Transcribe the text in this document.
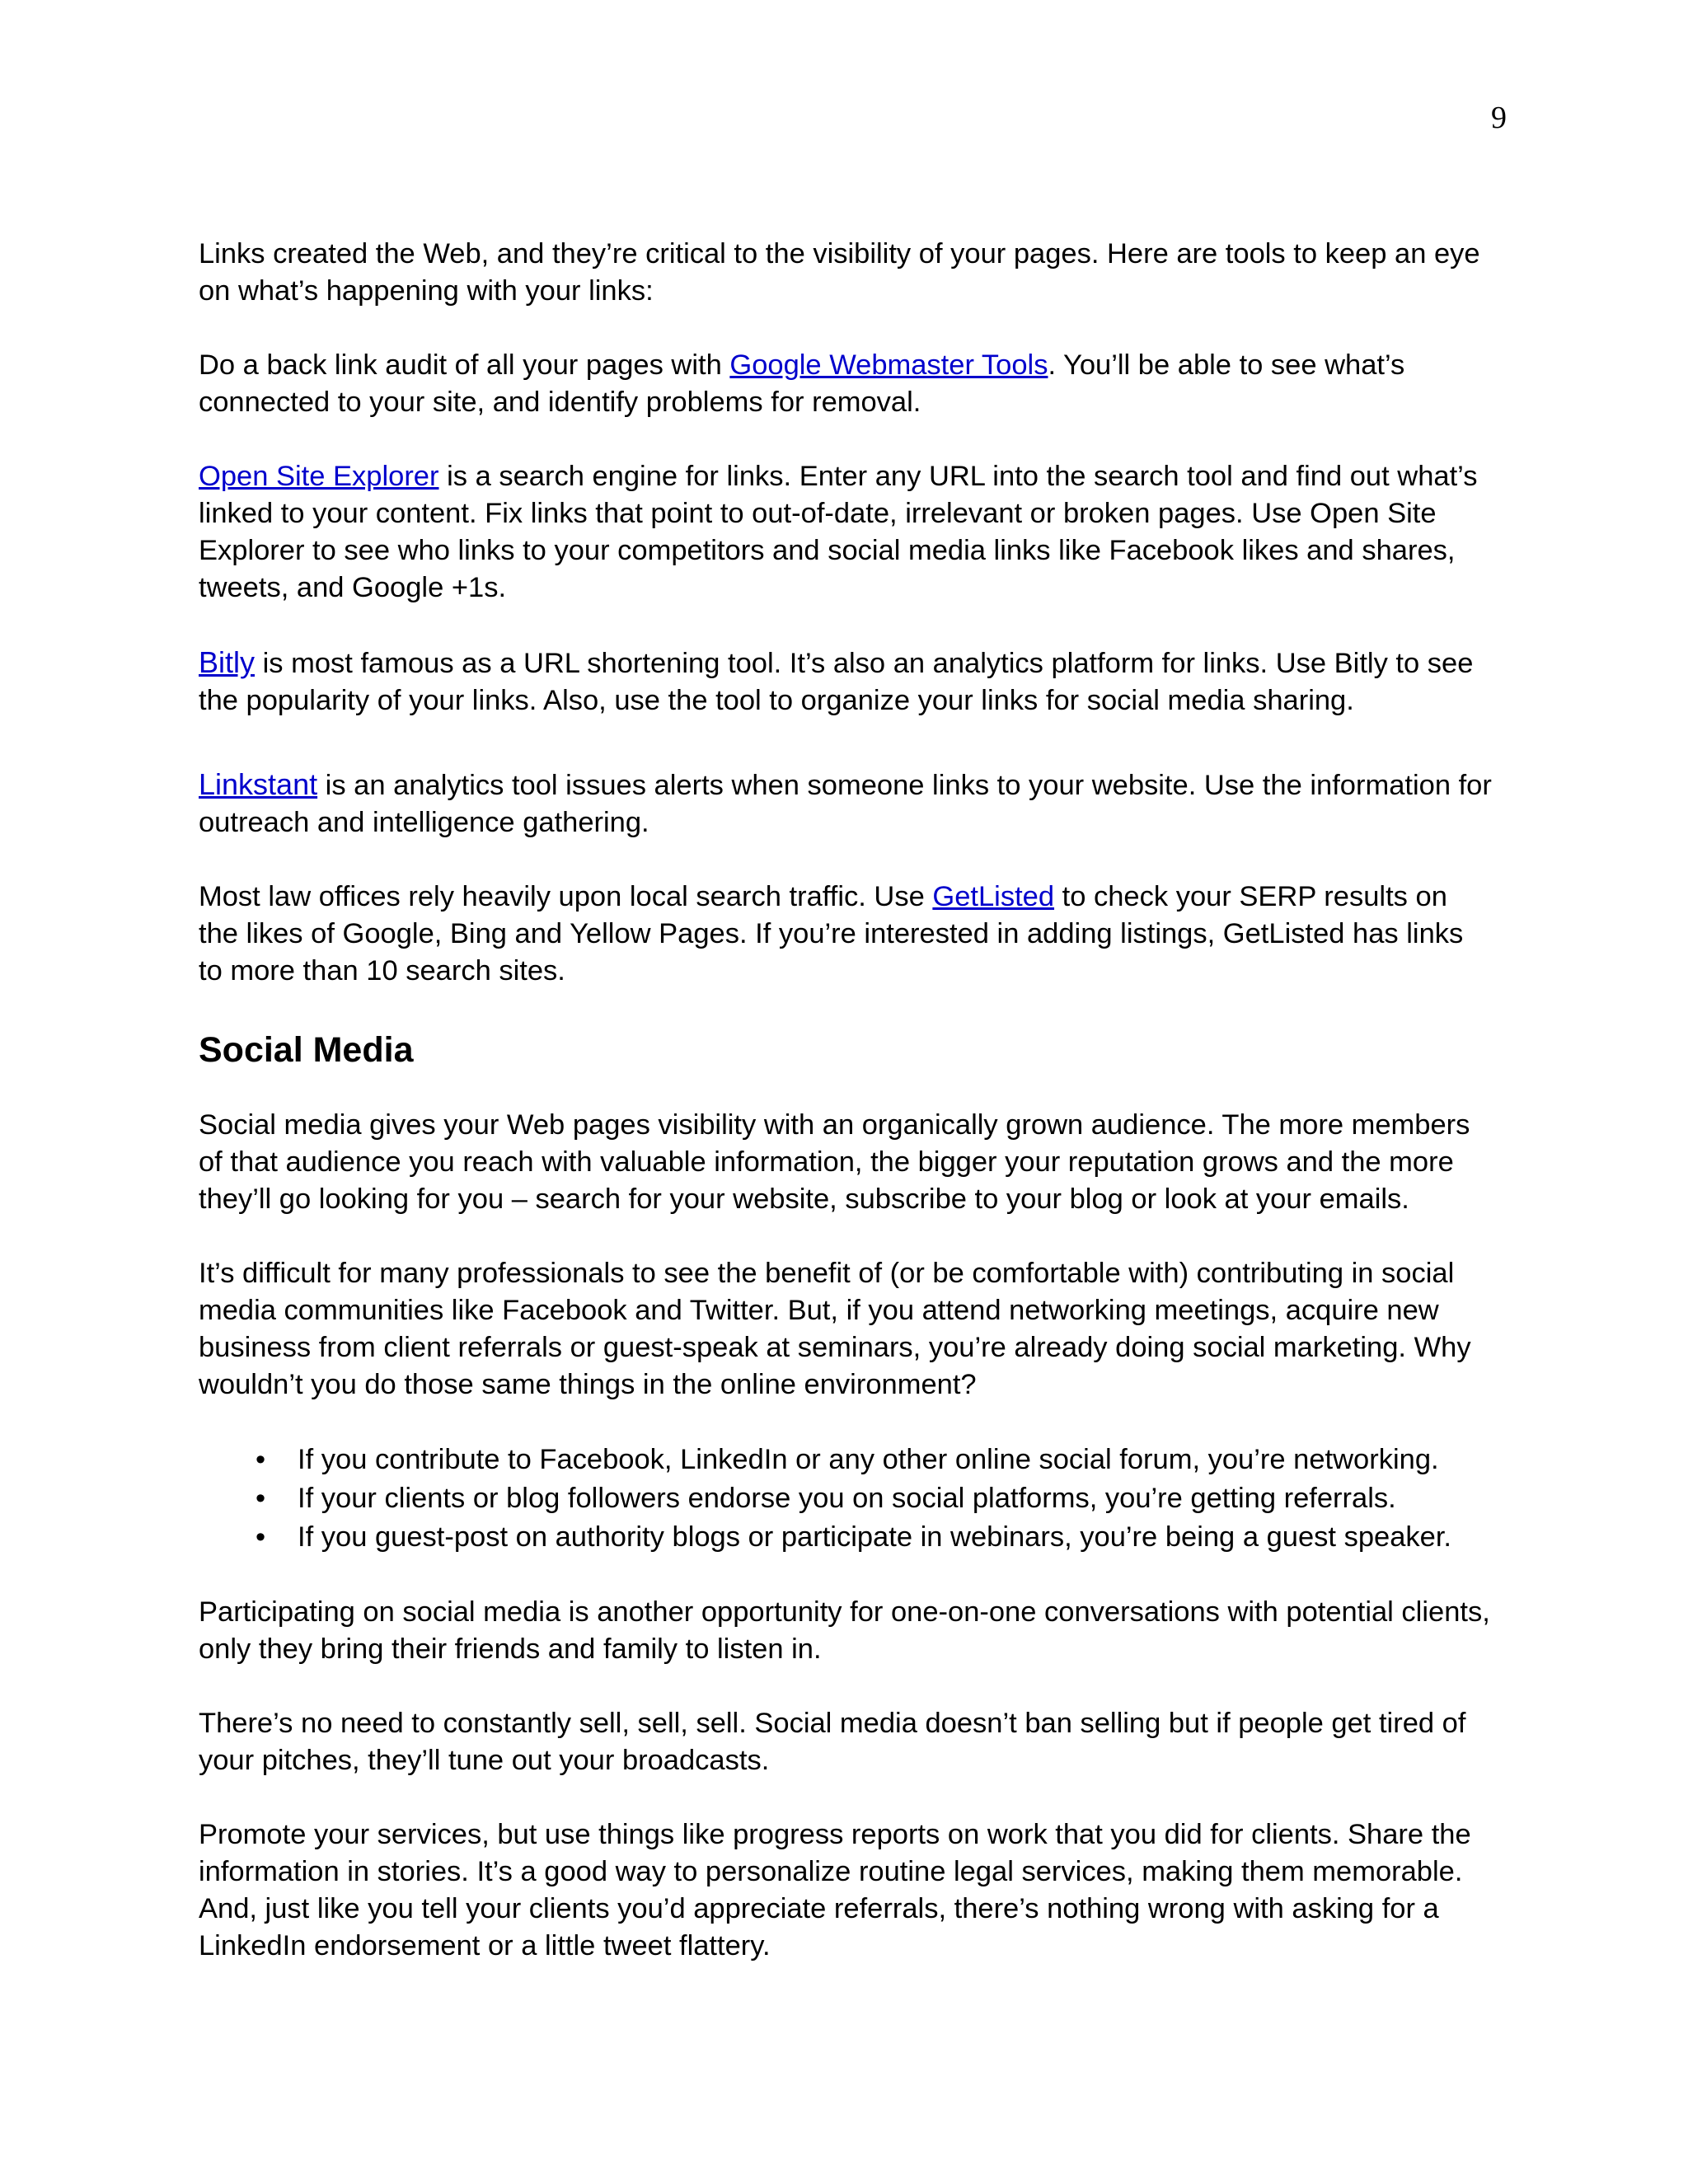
9

Links created the Web, and they’re critical to the visibility of your pages. Here are tools to keep an eye on what’s happening with your links:

Do a back link audit of all your pages with Google Webmaster Tools. You’ll be able to see what’s connected to your site, and identify problems for removal.

Open Site Explorer is a search engine for links. Enter any URL into the search tool and find out what’s linked to your content. Fix links that point to out-of-date, irrelevant or broken pages. Use Open Site Explorer to see who links to your competitors and social media links like Facebook likes and shares, tweets, and Google +1s.

Bitly is most famous as a URL shortening tool. It’s also an analytics platform for links. Use Bitly to see the popularity of your links. Also, use the tool to organize your links for social media sharing.

Linkstant is an analytics tool issues alerts when someone links to your website. Use the information for outreach and intelligence gathering.

Most law offices rely heavily upon local search traffic. Use GetListed to check your SERP results on the likes of Google, Bing and Yellow Pages. If you’re interested in adding listings, GetListed has links to more than 10 search sites.

Social Media

Social media gives your Web pages visibility with an organically grown audience. The more members of that audience you reach with valuable information, the bigger your reputation grows and the more they’ll go looking for you – search for your website, subscribe to your blog or look at your emails.

It’s difficult for many professionals to see the benefit of (or be comfortable with) contributing in social media communities like Facebook and Twitter. But, if you attend networking meetings, acquire new business from client referrals or guest-speak at seminars, you’re already doing social marketing. Why wouldn’t you do those same things in the online environment?

• If you contribute to Facebook, LinkedIn or any other online social forum, you’re networking.
• If your clients or blog followers endorse you on social platforms, you’re getting referrals.
• If you guest-post on authority blogs or participate in webinars, you’re being a guest speaker.

Participating on social media is another opportunity for one-on-one conversations with potential clients, only they bring their friends and family to listen in.

There’s no need to constantly sell, sell, sell. Social media doesn’t ban selling but if people get tired of your pitches, they’ll tune out your broadcasts.

Promote your services, but use things like progress reports on work that you did for clients. Share the information in stories. It’s a good way to personalize routine legal services, making them memorable. And, just like you tell your clients you’d appreciate referrals, there’s nothing wrong with asking for a LinkedIn endorsement or a little tweet flattery.
